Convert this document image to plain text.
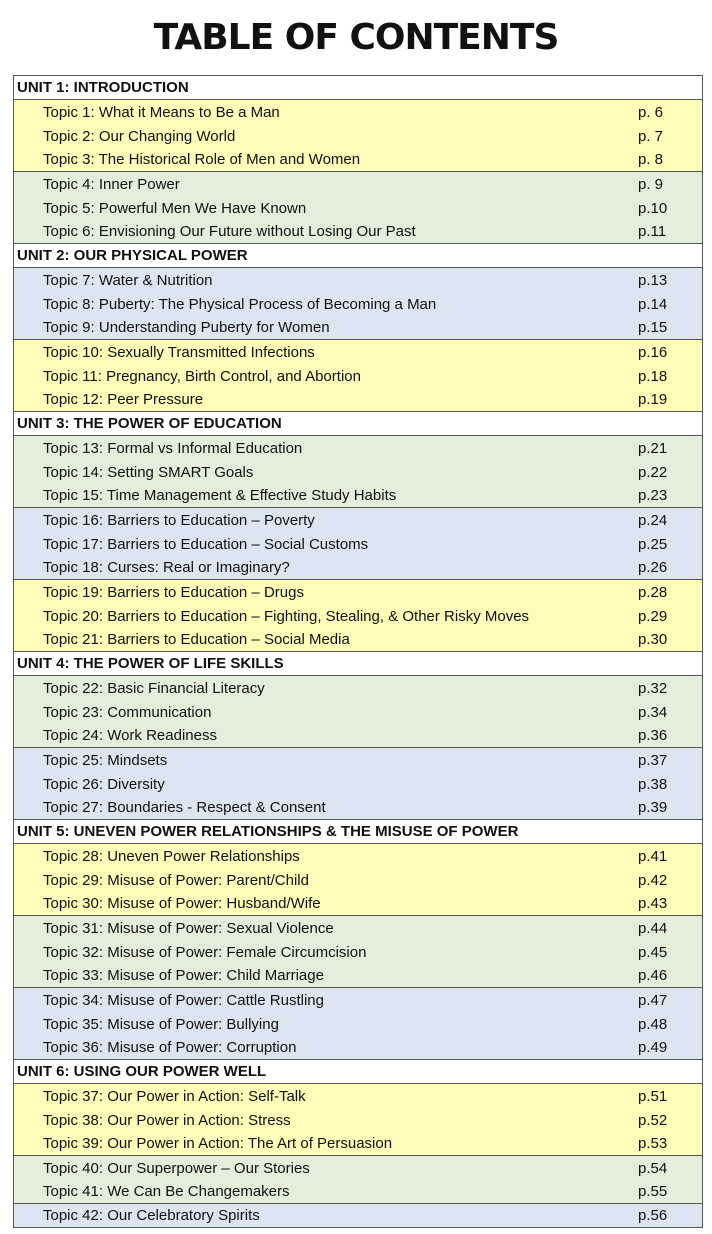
TABLE OF CONTENTS
UNIT 1: INTRODUCTION
Topic 1: What it Means to Be a Man	p. 6
Topic 2: Our Changing World	p. 7
Topic 3: The Historical Role of Men and Women	p. 8
Topic 4: Inner Power	p. 9
Topic 5: Powerful Men We Have Known	p.10
Topic 6: Envisioning Our Future without Losing Our Past	p.11
UNIT 2: OUR PHYSICAL POWER
Topic 7: Water & Nutrition	p.13
Topic 8: Puberty: The Physical Process of Becoming a Man	p.14
Topic 9: Understanding Puberty for Women	p.15
Topic 10: Sexually Transmitted Infections	p.16
Topic 11: Pregnancy, Birth Control, and Abortion	p.18
Topic 12: Peer Pressure	p.19
UNIT 3: THE POWER OF EDUCATION
Topic 13: Formal vs Informal Education	p.21
Topic 14: Setting SMART Goals	p.22
Topic 15: Time Management & Effective Study Habits	p.23
Topic 16: Barriers to Education – Poverty	p.24
Topic 17: Barriers to Education – Social Customs	p.25
Topic 18: Curses: Real or Imaginary?	p.26
Topic 19: Barriers to Education – Drugs	p.28
Topic 20: Barriers to Education – Fighting, Stealing, & Other Risky Moves	p.29
Topic 21: Barriers to Education – Social Media	p.30
UNIT 4: THE POWER OF LIFE SKILLS
Topic 22: Basic Financial Literacy	p.32
Topic 23: Communication	p.34
Topic 24: Work Readiness	p.36
Topic 25: Mindsets	p.37
Topic 26: Diversity	p.38
Topic 27: Boundaries - Respect & Consent	p.39
UNIT 5: UNEVEN POWER RELATIONSHIPS & THE MISUSE OF POWER
Topic 28: Uneven Power Relationships	p.41
Topic 29: Misuse of Power: Parent/Child	p.42
Topic 30: Misuse of Power: Husband/Wife	p.43
Topic 31: Misuse of Power: Sexual Violence	p.44
Topic 32: Misuse of Power: Female Circumcision	p.45
Topic 33: Misuse of Power: Child Marriage	p.46
Topic 34: Misuse of Power: Cattle Rustling	p.47
Topic 35: Misuse of Power: Bullying	p.48
Topic 36: Misuse of Power: Corruption	p.49
UNIT 6: USING OUR POWER WELL
Topic 37: Our Power in Action: Self-Talk	p.51
Topic 38: Our Power in Action: Stress	p.52
Topic 39: Our Power in Action: The Art of Persuasion	p.53
Topic 40: Our Superpower – Our Stories	p.54
Topic 41: We Can Be Changemakers	p.55
Topic 42: Our Celebratory Spirits	p.56
